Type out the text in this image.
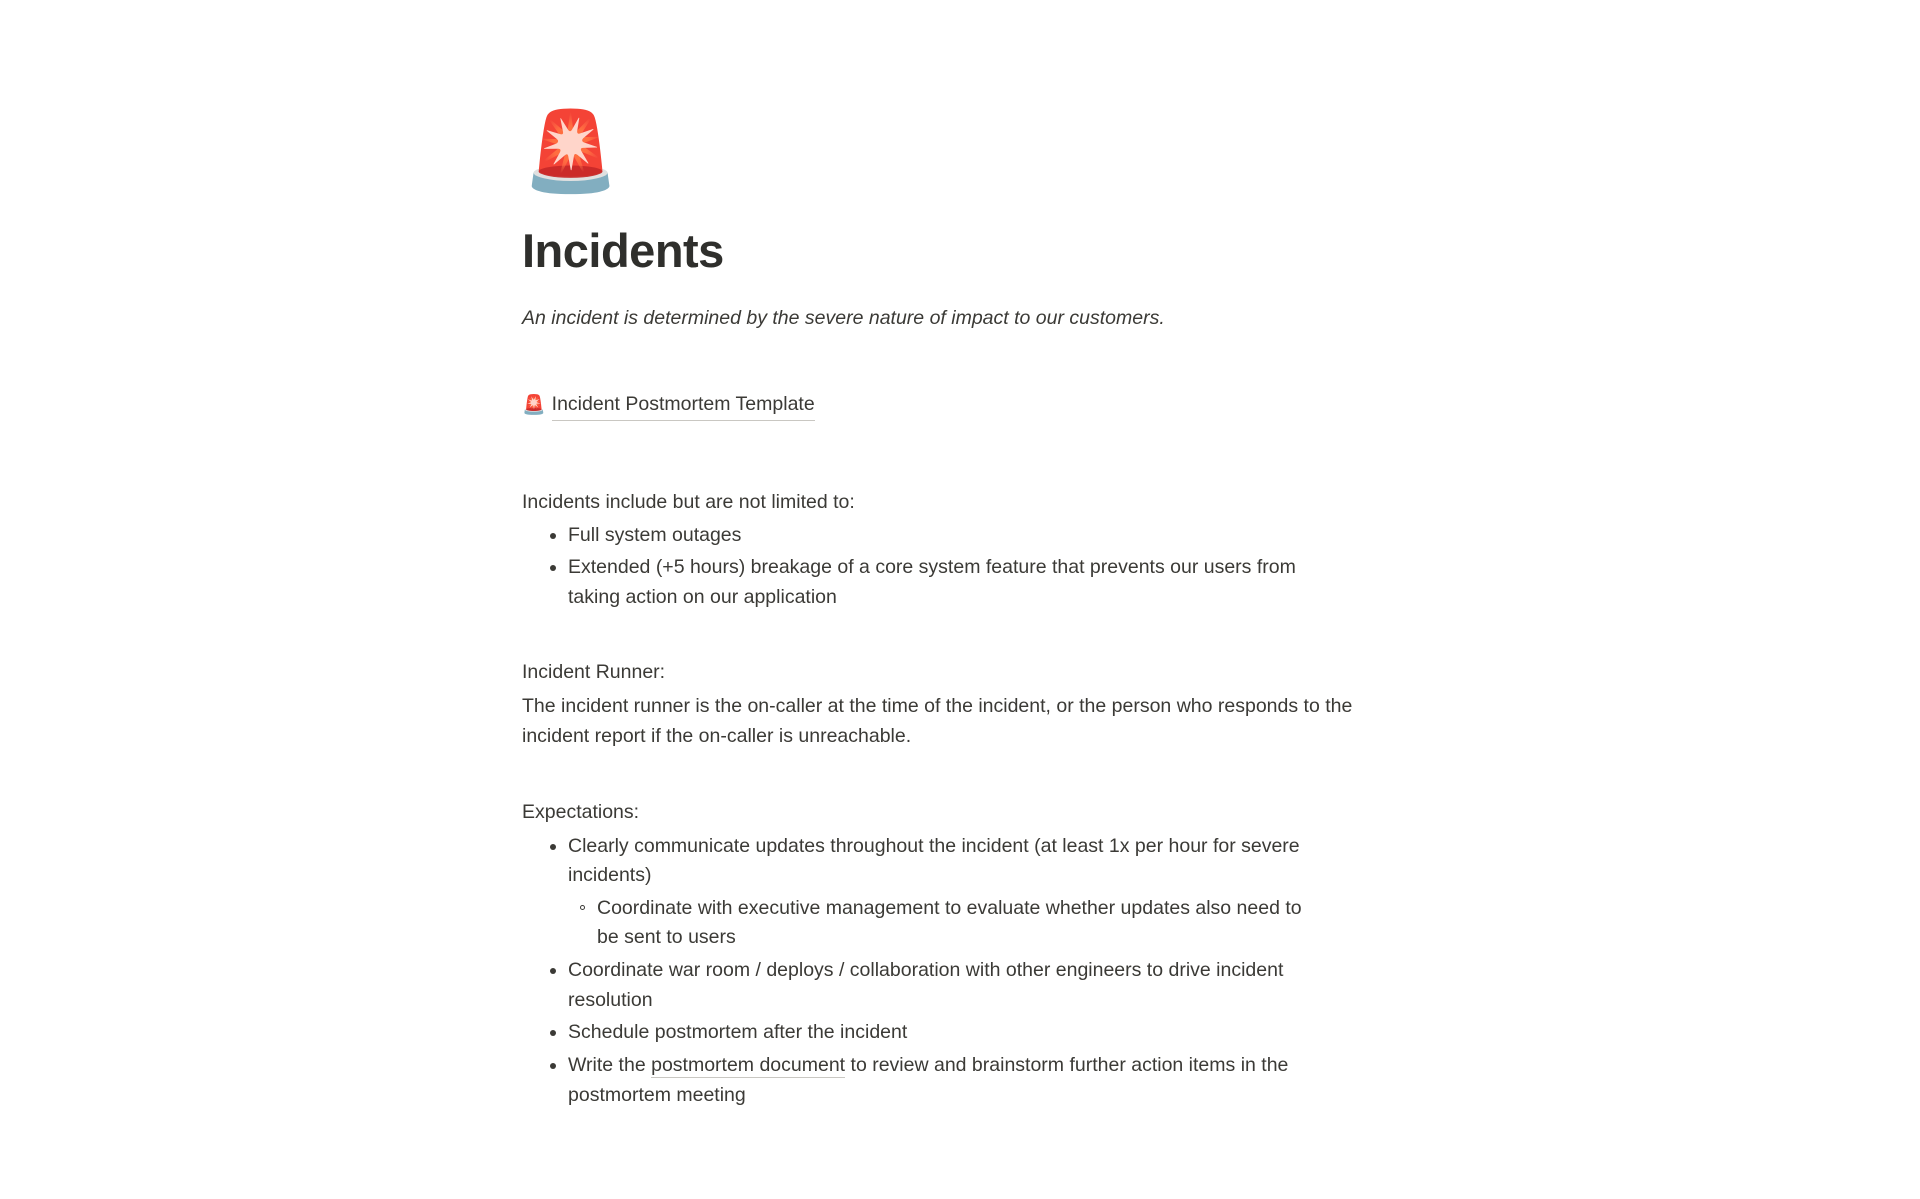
🚨
Incidents

An incident is determined by the severe nature of impact to our customers.

🚨 Incident Postmortem Template

Incidents include but are not limited to:

Full system outages
Extended (+5 hours) breakage of a core system feature that prevents our users from taking action on our application

Incident Runner:

The incident runner is the on-caller at the time of the incident, or the person who responds to the incident report if the on-caller is unreachable.

Expectations:

Clearly communicate updates throughout the incident (at least 1x per hour for severe incidents)
Coordinate with executive management to evaluate whether updates also need to be sent to users
Coordinate war room / deploys / collaboration with other engineers to drive incident resolution
Schedule postmortem after the incident
Write the postmortem document to review and brainstorm further action items in the postmortem meeting
